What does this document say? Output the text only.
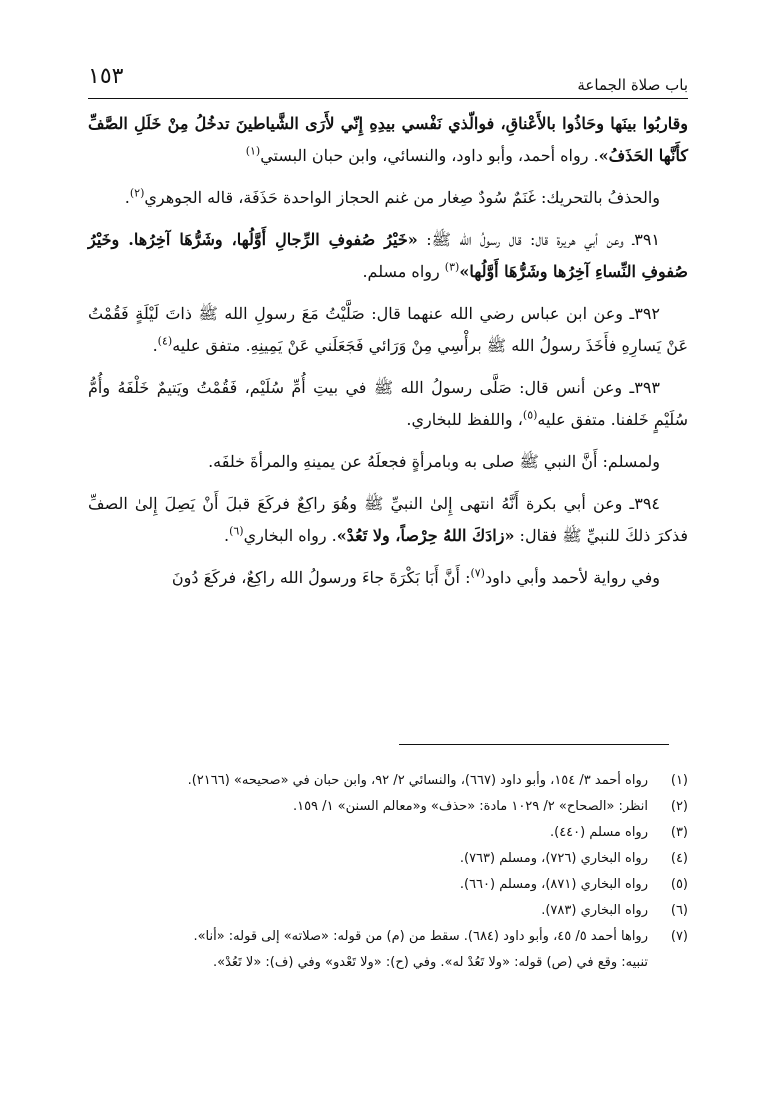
باب صلاة الجماعة
١٥٣

وقاربُوا بينَها وحَاذُوا بالأَعْناقِ، فوالّذي نَفْسي بيدِهِ إِنّي لأَرَى الشَّياطينَ تدخُلُ مِنْ خَلَلِ الصَّفِّ كأَنَّها الحَذَفُ». رواه أحمد، وأبو داود، والنسائي، وابن حبان البستي$^{(١)}$

والحذفُ بالتحريك: غَنَمٌ سُودٌ صِغار من غنم الحجاز الواحدة حَذَفَة، قاله الجوهري$^{(٢)}$.

٣٩١ـ وعن أبي هريرة قال: قال رسولُ الله ﷺ: «خَيْرُ صُفوفِ الرِّجالِ أَوَّلُها، وشَرُّهَا آخِرُها. وخَيْرُ صُفوفِ النِّساءِ آخِرُها وشَرُّهَا أَوَّلُها»$^{(٣)}$ رواه مسلم.

٣٩٢ـ وعن ابن عباس رضي الله عنهما قال: صَلَّيْتُ مَعَ رسولِ الله ﷺ ذاتَ لَيْلَةٍ فَقُمْتُ عَنْ يَسارِهِ فأَخَذَ رسولُ الله ﷺ برأْسِي مِنْ وَرَائي فَجَعَلَني عَنْ يَمِينِهِ. متفق عليه$^{(٤)}$.

٣٩٣ـ وعن أنس قال: صَلَّى رسولُ الله ﷺ في بيتِ أُمِّ سُلَيْم، فَقُمْتُ ويَتيمٌ خَلْفَهُ وأُمُّ سُلَيْمٍ خَلفنا. متفق عليه$^{(٥)}$، واللفظ للبخاري.

ولمسلم: أَنَّ النبي ﷺ صلى به وبامرأةٍ فجعلَهُ عن يمينهِ والمرأةَ خلفَه.

٣٩٤ـ وعن أبي بكرة أَنَّهُ انتهى إِلىٰ النبيِّ ﷺ وهُوَ راكِعٌ فركَعَ قبلَ أَنْ يَصِلَ إِلىٰ الصفِّ فذكرَ ذلكَ للنبيِّ ﷺ فقال: «زادَكَ اللهُ حِرْصاً، ولا تَعُدْ». رواه البخاري$^{(٦)}$.

وفي رواية لأحمد وأبي داود$^{(٧)}$: أَنَّ أَبَا بَكْرَةَ جاءَ ورسولُ الله راكِعٌ، فركَعَ دُونَ

(١)
رواه أحمد ٣/ ١٥٤، وأبو داود (٦٦٧)، والنسائي ٢/ ٩٢، وابن حبان في «صحيحه» (٢١٦٦).
(٢)
انظر: «الصحاح» ٢/ ١٠٢٩ مادة: «حذف» و«معالم السنن» ١/ ١٥٩.
(٣)
رواه مسلم (٤٤٠).
(٤)
رواه البخاري (٧٢٦)، ومسلم (٧٦٣).
(٥)
رواه البخاري (٨٧١)، ومسلم (٦٦٠).
(٦)
رواه البخاري (٧٨٣).
(٧)
رواها أحمد ٥/ ٤٥، وأبو داود (٦٨٤). سقط من (م) من قوله: «صلاته» إلى قوله: «أنا».
تنبيه: وقع في (ص) قوله: «ولا تَعُدْ له». وفي (ح): «ولا تَعْدو» وفي (ف): «لا تَعُدْ».
